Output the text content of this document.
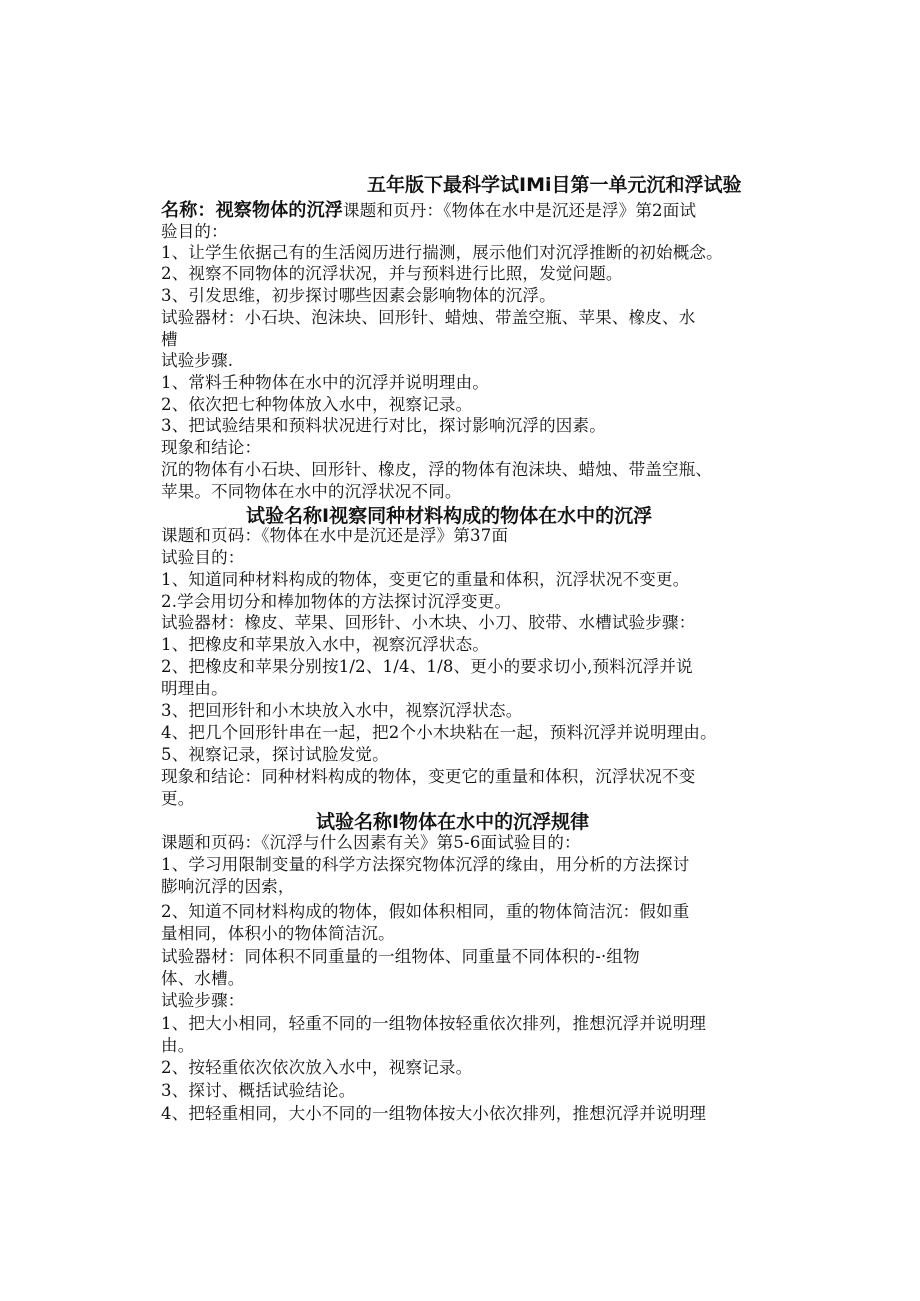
五年版下最科学试IMi目第一单元沉和浮试验
名称：视察物体的沉浮课题和页丹：《物体在水中是沉还是浮》第2面试
验目的：
1、让学生依据己有的生活阅历进行揣测，展示他们对沉浮推断的初始概念。
2、视察不同物体的沉浮状况，并与预料进行比照，发觉问题。
3、引发思维，初步探讨哪些因素会影响物体的沉浮。
试验器材：小石块、泡沫块、回形针、蜡烛、带盖空瓶、苹果、橡皮、水
槽
试验步骤.
1、常料壬种物体在水中的沉浮并说明理由。
2、依次把七种物体放入水中，视察记录。
3、把试验结果和预料状况进行对比，探讨影响沉浮的因素。
现象和结论：
沉的物体有小石块、回形针、橡皮，浮的物体有泡沫块、蜡烛、带盖空瓶、
苹果。不同物体在水中的沉浮状况不同。
试验名称I视察同种材料构成的物体在水中的沉浮
课题和页码：《物体在水中是沉还是浮》第37面
试验目的：
1、知道同种材料构成的物体，变更它的重量和体积，沉浮状况不变更。
2.学会用切分和棒加物体的方法探讨沉浮变更。
试验器材：橡皮、苹果、回形针、小木块、小刀、胶带、水槽试验步骤：
1、把橡皮和苹果放入水中，视察沉浮状态。
2、把橡皮和苹果分别按1/2、1/4、1/8、更小的要求切小,预料沉浮并说
明理由。
3、把回形针和小木块放入水中，视察沉浮状态。
4、把几个回形针串在一起，把2个小木块粘在一起，预料沉浮并说明理由。
5、视察记录，探讨试脸发觉。
现象和结论：同种材料构成的物体，变更它的重量和体积，沉浮状况不变
更。
试验名称I物体在水中的沉浮规律
课题和页码：《沉浮与什么因素有关》第5-6面试验目的：
1、学习用限制变量的科学方法探究物体沉浮的缘由，用分析的方法探讨
膨响沉浮的因索，
2、知道不同材料构成的物体，假如体积相同，重的物体简洁沉：假如重
量相同，体积小的物体简洁沉。
试验器材：同体积不同重量的一组物体、同重量不同体积的-·组物
体、水槽。
试验步骤：
1、把大小相同，轻重不同的一组物体按轻重依次排列，推想沉浮并说明理
由。
2、按轻重依次依次放入水中，视察记录。
3、探讨、概括试验结论。
4、把轻重相同，大小不同的一组物体按大小依次排列，推想沉浮并说明理
